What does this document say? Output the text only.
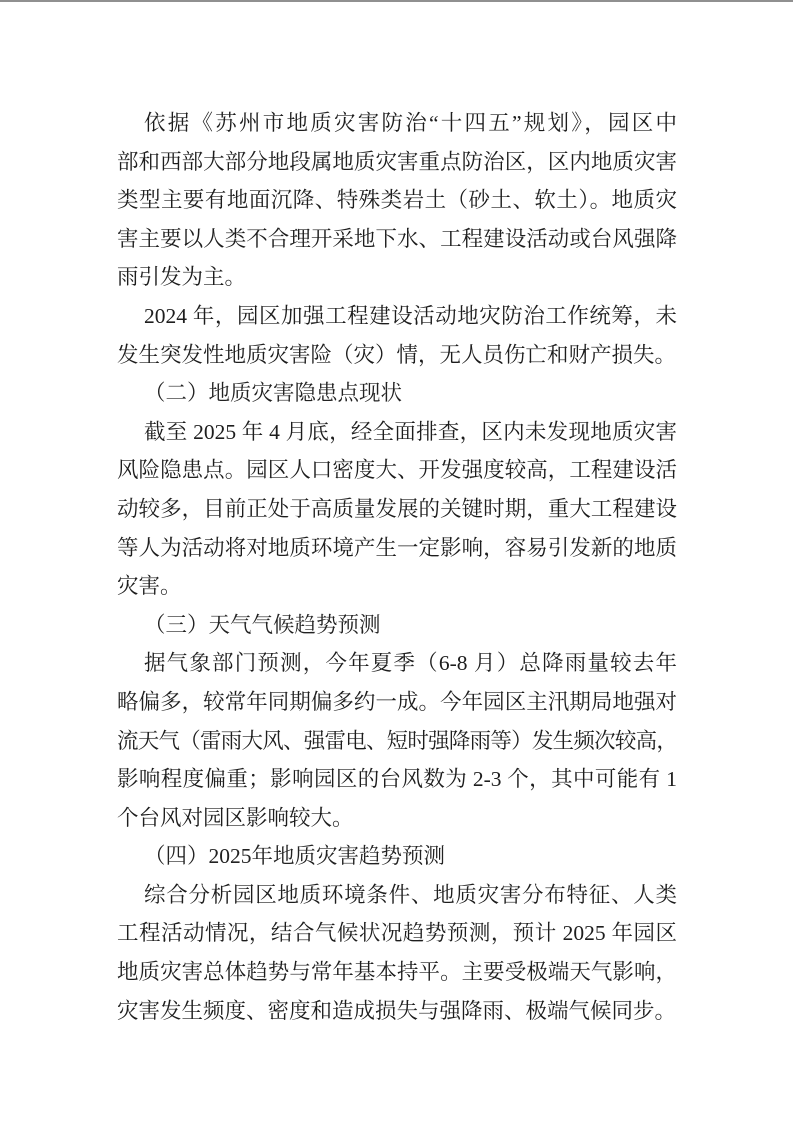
依据《苏州市地质灾害防治“十四五”规划》，园区中
部和西部大部分地段属地质灾害重点防治区，区内地质灾害
类型主要有地面沉降、特殊类岩土（砂土、软土）。地质灾
害主要以人类不合理开采地下水、工程建设活动或台风强降
雨引发为主。
2024 年，园区加强工程建设活动地灾防治工作统筹，未
发生突发性地质灾害险（灾）情，无人员伤亡和财产损失。
（二）地质灾害隐患点现状
截至 2025 年 4 月底，经全面排查，区内未发现地质灾害
风险隐患点。园区人口密度大、开发强度较高，工程建设活
动较多，目前正处于高质量发展的关键时期，重大工程建设
等人为活动将对地质环境产生一定影响，容易引发新的地质
灾害。
（三）天气气候趋势预测
据气象部门预测，今年夏季（6-8 月）总降雨量较去年
略偏多，较常年同期偏多约一成。今年园区主汛期局地强对
流天气（雷雨大风、强雷电、短时强降雨等）发生频次较高，
影响程度偏重；影响园区的台风数为 2-3 个，其中可能有 1
个台风对园区影响较大。
（四）2025年地质灾害趋势预测
综合分析园区地质环境条件、地质灾害分布特征、人类
工程活动情况，结合气候状况趋势预测，预计 2025 年园区
地质灾害总体趋势与常年基本持平。主要受极端天气影响，
灾害发生频度、密度和造成损失与强降雨、极端气候同步。
